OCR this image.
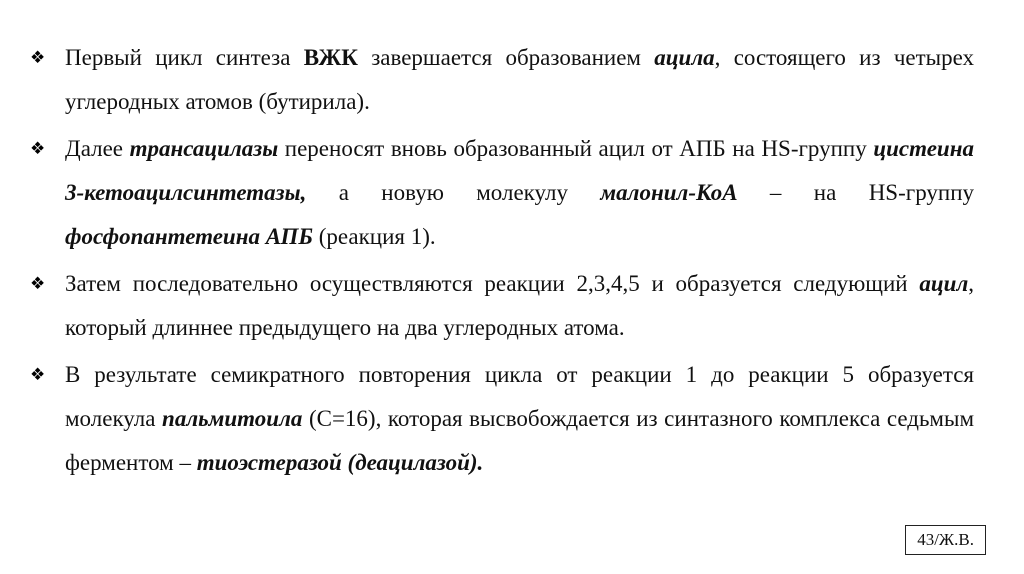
❖ Первый цикл синтеза ВЖК завершается образованием ацила, состоящего из четырех углеродных атомов (бутирила).
❖ Далее трансацилазы переносят вновь образованный ацил от АПБ на HS-группу цистеина 3-кетоацилсинтетазы, а новую молекулу малонил-КоА – на HS-группу фосфопантетеина АПБ (реакция 1).
❖ Затем последовательно осуществляются реакции 2,3,4,5 и образуется следующий ацил, который длиннее предыдущего на два углеродных атома.
❖ В результате семикратного повторения цикла от реакции 1 до реакции 5 образуется молекула пальмитоила (С=16), которая высвобождается из синтазного комплекса седьмым ферментом – тиоэстеразой (деацилазой).
43/Ж.В.
